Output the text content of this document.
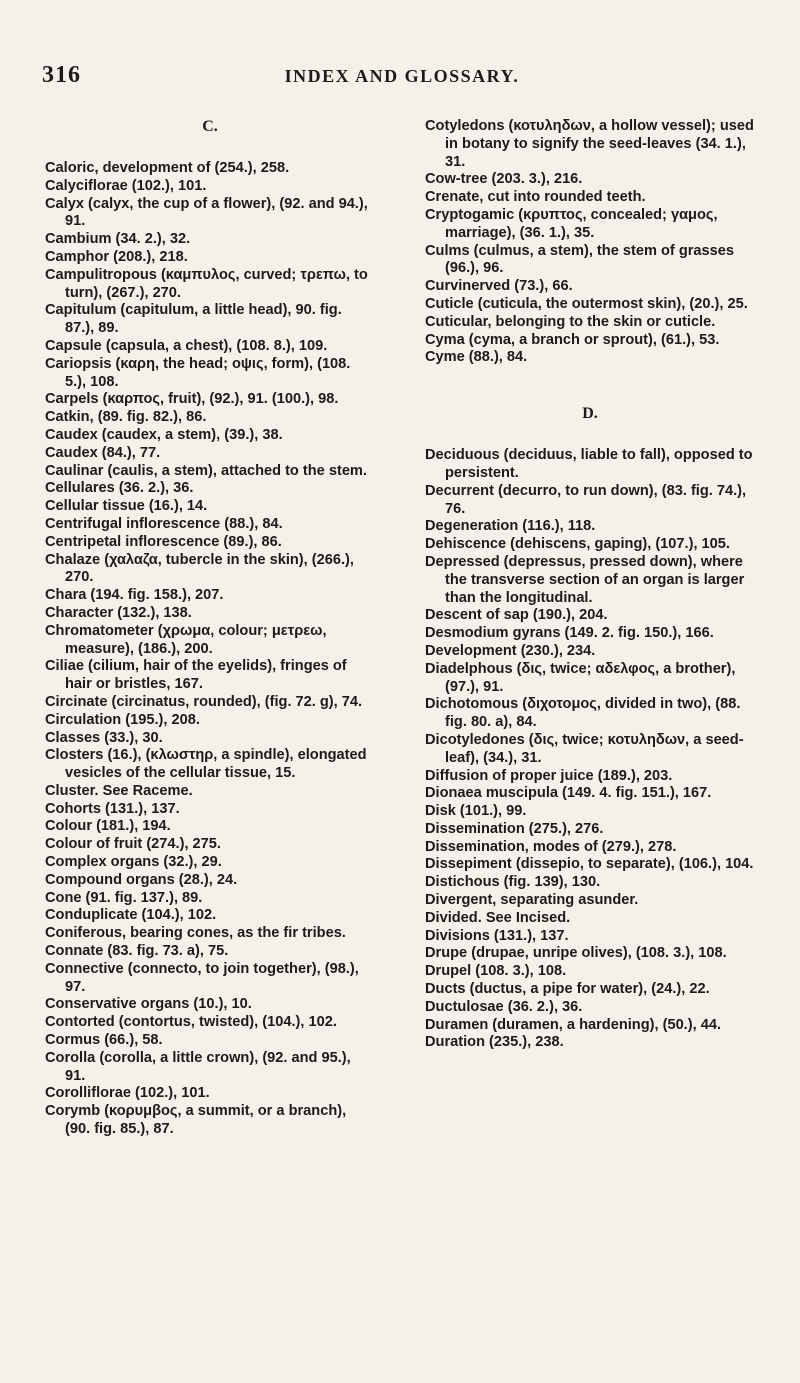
316	INDEX AND GLOSSARY.
C.

Caloric, development of (254.), 258.

Calyciflorae (102.), 101.

Calyx (calyx, the cup of a flower), (92. and 94.), 91.

Cambium (34. 2.), 32.

Camphor (208.), 218.

Campulitropous (καμπυλος, curved; τρεπω, to turn), (267.), 270.

Capitulum (capitulum, a little head), 90. fig. 87.), 89.

Capsule (capsula, a chest), (108. 8.), 109.

Cariopsis (καρη, the head; οψις, form), (108. 5.), 108.

Carpels (καρπος, fruit), (92.), 91. (100.), 98.

Catkin, (89. fig. 82.), 86.

Caudex (caudex, a stem), (39.), 38.

Caudex (84.), 77.

Caulinar (caulis, a stem), attached to the stem.

Cellulares (36. 2.), 36.

Cellular tissue (16.), 14.

Centrifugal inflorescence (88.), 84.

Centripetal inflorescence (89.), 86.

Chalaze (χαλαζα, tubercle in the skin), (266.), 270.

Chara (194. fig. 158.), 207.

Character (132.), 138.

Chromatometer (χρωμα, colour; μετρεω, measure), (186.), 200.

Ciliae (cilium, hair of the eyelids), fringes of hair or bristles, 167.

Circinate (circinatus, rounded), (fig. 72. g), 74.

Circulation (195.), 208.

Classes (33.), 30.

Closters (16.), (κλωστηρ, a spindle), elongated vesicles of the cellular tissue, 15.

Cluster. See Raceme.

Cohorts (131.), 137.

Colour (181.), 194.

Colour of fruit (274.), 275.

Complex organs (32.), 29.

Compound organs (28.), 24.

Cone (91. fig. 137.), 89.

Conduplicate (104.), 102.

Coniferous, bearing cones, as the fir tribes.

Connate (83. fig. 73. a), 75.

Connective (connecto, to join together), (98.), 97.

Conservative organs (10.), 10.

Contorted (contortus, twisted), (104.), 102.

Cormus (66.), 58.

Corolla (corolla, a little crown), (92. and 95.), 91.

Corolliflorae (102.), 101.

Corymb (κορυμβος, a summit, or a branch), (90. fig. 85.), 87.

Cotyledons (κοτυληδων, a hollow vessel); used in botany to signify the seed-leaves (34. 1.), 31.

Cow-tree (203. 3.), 216.

Crenate, cut into rounded teeth.

Cryptogamic (κρυπτος, concealed; γαμος, marriage), (36. 1.), 35.

Culms (culmus, a stem), the stem of grasses (96.), 96.

Curvinerved (73.), 66.

Cuticle (cuticula, the outermost skin), (20.), 25.

Cuticular, belonging to the skin or cuticle.

Cyma (cyma, a branch or sprout), (61.), 53.

Cyme (88.), 84.

D.

Deciduous (deciduus, liable to fall), opposed to persistent.

Decurrent (decurro, to run down), (83. fig. 74.), 76.

Degeneration (116.), 118.

Dehiscence (dehiscens, gaping), (107.), 105.

Depressed (depressus, pressed down), where the transverse section of an organ is larger than the longitudinal.

Descent of sap (190.), 204.

Desmodium gyrans (149. 2. fig. 150.), 166.

Development (230.), 234.

Diadelphous (δις, twice; αδελφος, a brother), (97.), 91.

Dichotomous (διχοτομος, divided in two), (88. fig. 80. a), 84.

Dicotyledones (δις, twice; κοτυληδων, a seed-leaf), (34.), 31.

Diffusion of proper juice (189.), 203.

Dionaea muscipula (149. 4. fig. 151.), 167.

Disk (101.), 99.

Dissemination (275.), 276.

Dissemination, modes of (279.), 278.

Dissepiment (dissepio, to separate), (106.), 104.

Distichous (fig. 139), 130.

Divergent, separating asunder.

Divided. See Incised.

Divisions (131.), 137.

Drupe (drupae, unripe olives), (108. 3.), 108.

Drupel (108. 3.), 108.

Ducts (ductus, a pipe for water), (24.), 22.

Ductulosae (36. 2.), 36.

Duramen (duramen, a hardening), (50.), 44.

Duration (235.), 238.
